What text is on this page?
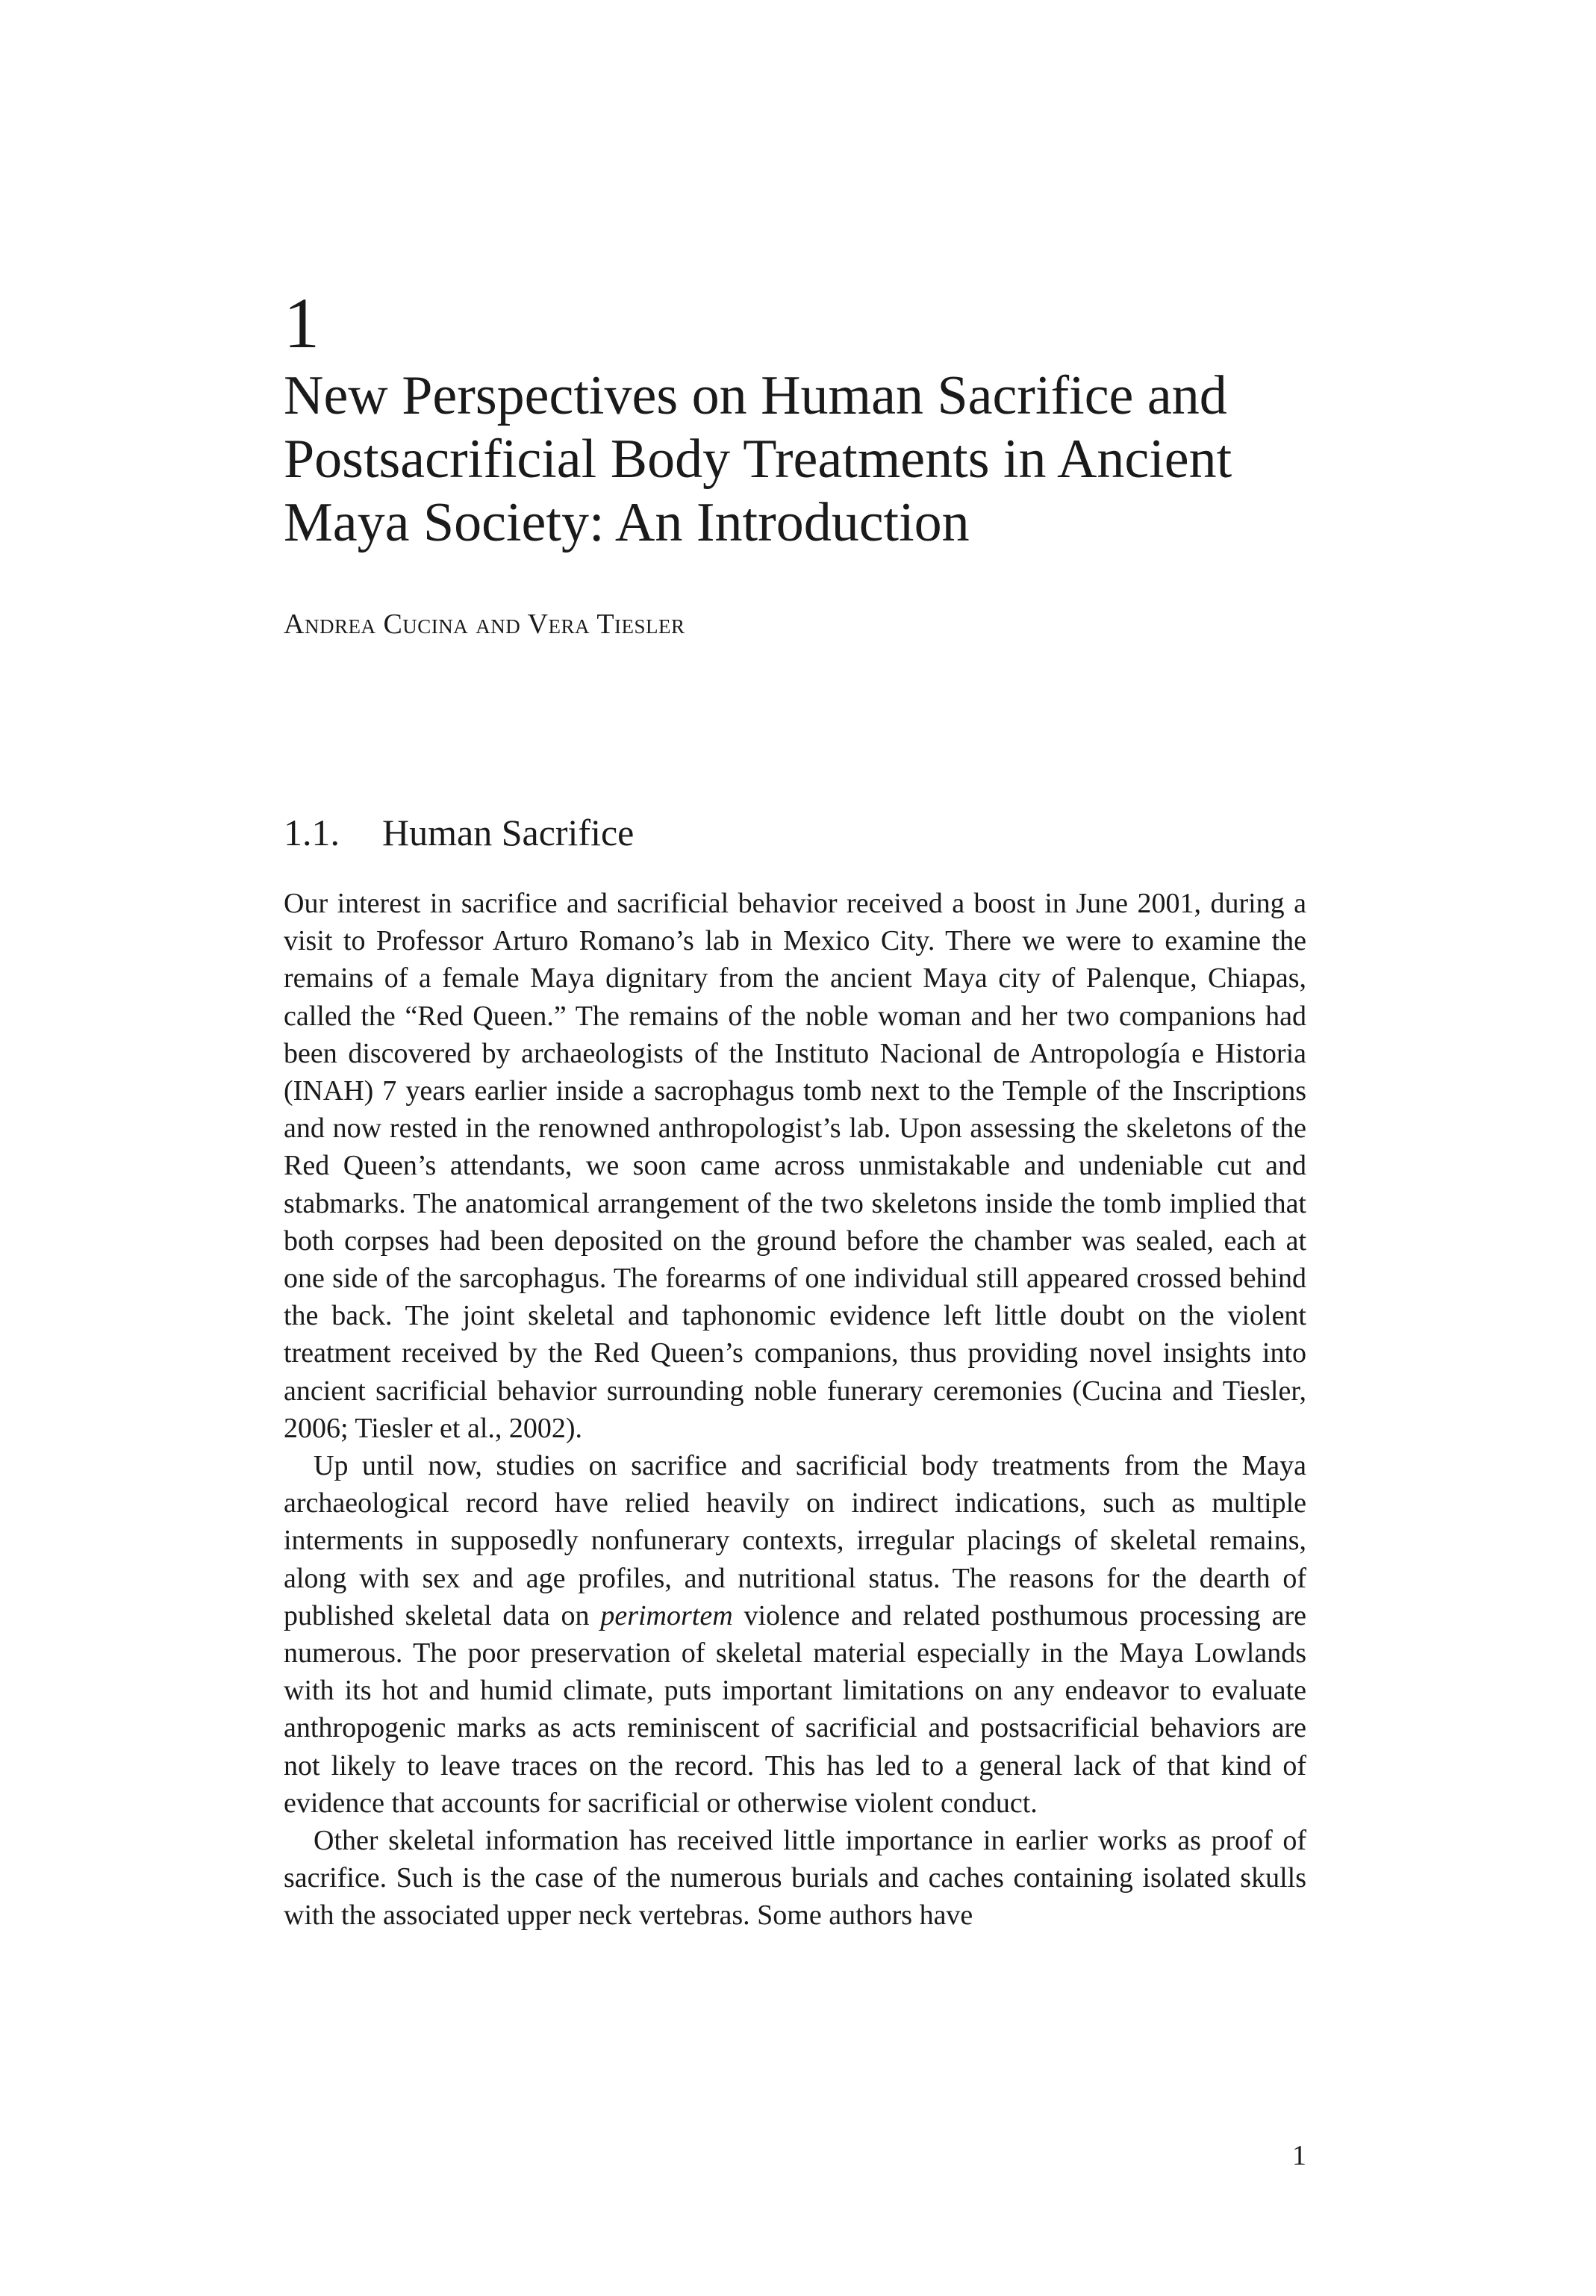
1
New Perspectives on Human Sacrifice and Postsacrificial Body Treatments in Ancient Maya Society: An Introduction
Andrea Cucina and Vera Tiesler
1.1. Human Sacrifice

Our interest in sacrifice and sacrificial behavior received a boost in June 2001, during a visit to Professor Arturo Romano’s lab in Mexico City. There we were to examine the remains of a female Maya dignitary from the ancient Maya city of Palenque, Chiapas, called the “Red Queen.” The remains of the noble woman and her two companions had been discovered by archaeologists of the Instituto Nacional de Antropología e Historia (INAH) 7 years earlier inside a sacrophagus tomb next to the Temple of the Inscriptions and now rested in the renowned anthropologist’s lab. Upon assessing the skeletons of the Red Queen’s attendants, we soon came across unmistakable and undeniable cut and stabmarks. The anatomical arrangement of the two skeletons inside the tomb implied that both corpses had been deposited on the ground before the chamber was sealed, each at one side of the sarcophagus. The forearms of one individual still appeared crossed behind the back. The joint skeletal and taphonomic evidence left little doubt on the violent treatment received by the Red Queen’s companions, thus providing novel insights into ancient sacrificial behavior surrounding noble funerary ceremonies (Cucina and Tiesler, 2006; Tiesler et al., 2002).

Up until now, studies on sacrifice and sacrificial body treatments from the Maya archaeological record have relied heavily on indirect indications, such as multiple interments in supposedly nonfunerary contexts, irregular placings of skeletal remains, along with sex and age profiles, and nutritional status. The reasons for the dearth of published skeletal data on perimortem violence and related posthumous processing are numerous. The poor preservation of skeletal material especially in the Maya Lowlands with its hot and humid climate, puts important limitations on any endeavor to evaluate anthropogenic marks as acts reminiscent of sacrificial and postsacrificial behaviors are not likely to leave traces on the record. This has led to a general lack of that kind of evidence that accounts for sacrificial or otherwise violent conduct.

Other skeletal information has received little importance in earlier works as proof of sacrifice. Such is the case of the numerous burials and caches containing isolated skulls with the associated upper neck vertebras. Some authors have

1
